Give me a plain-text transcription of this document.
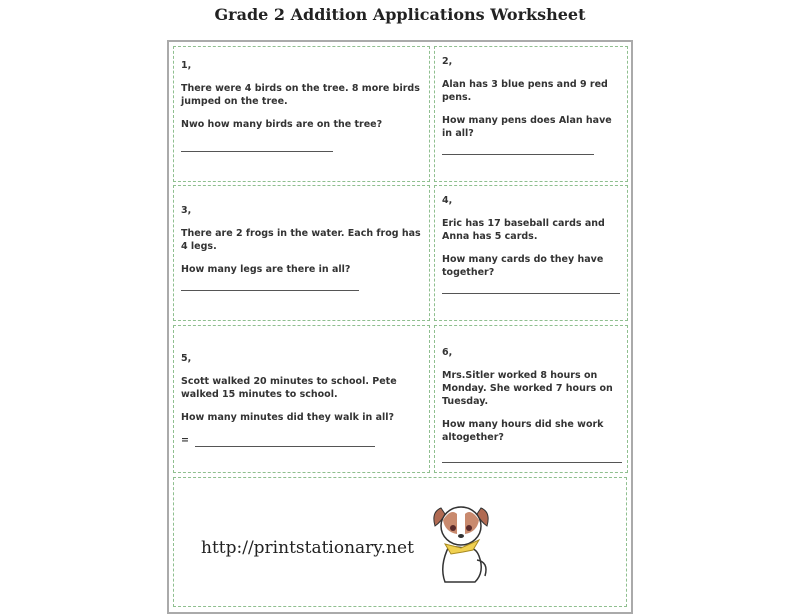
Grade 2 Addition Applications Worksheet

1,

There were 4 birds on the tree. 8 more birds jumped on the tree.

Nwo how many birds are on the tree?

2,

Alan has 3 blue pens and 9 red pens.

How many pens does Alan have in all?

3,

There are 2 frogs in the water. Each frog has 4 legs.

How many legs are there in all?

4,

Eric has 17 baseball cards and Anna has 5 cards.

How many cards do they have together?

5,

Scott walked 20 minutes to school. Pete walked 15 minutes to school.

How many minutes did they walk in all?

=

6,

Mrs.Sitler worked 8 hours on Monday. She worked 7 hours on Tuesday.

How many hours did she work altogether?

http://printstationary.net
